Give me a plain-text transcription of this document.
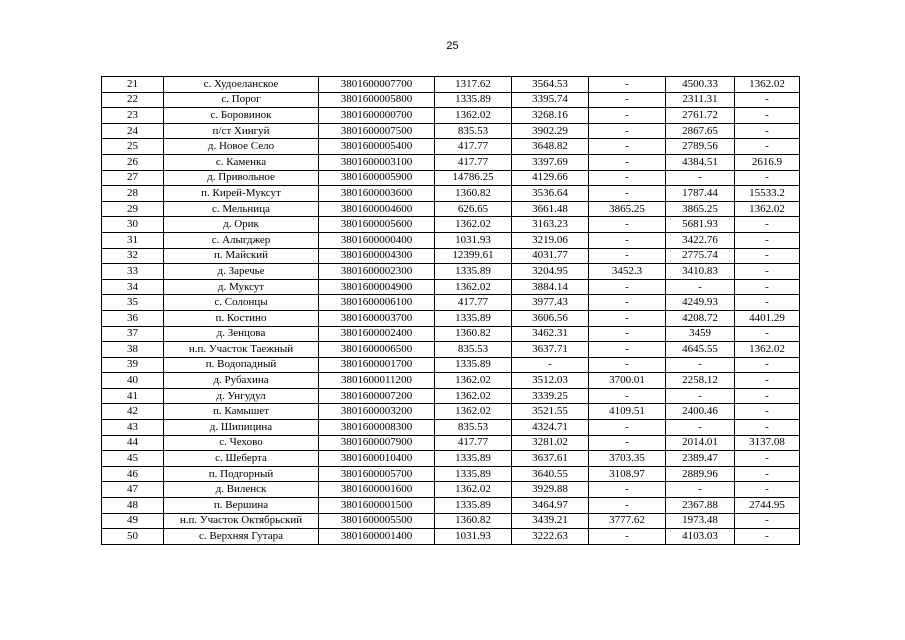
25
21	с. Худоеланское	3801600007700	1317.62	3564.53	-	4500.33	1362.02
22	с. Порог	3801600005800	1335.89	3395.74	-	2311.31	-
23	с. Боровинок	3801600000700	1362.02	3268.16	-	2761.72	-
24	п/ст Хингуй	3801600007500	835.53	3902.29	-	2867.65	-
25	д. Новое Село	3801600005400	417.77	3648.82	-	2789.56	-
26	с. Каменка	3801600003100	417.77	3397.69	-	4384.51	2616.9
27	д. Привольное	3801600005900	14786.25	4129.66	-	-	-
28	п. Кирей-Муксут	3801600003600	1360.82	3536.64	-	1787.44	15533.2
29	с. Мельница	3801600004600	626.65	3661.48	3865.25	3865.25	1362.02
30	д. Орик	3801600005600	1362.02	3163.23	-	5681.93	-
31	с. Алыгджер	3801600000400	1031.93	3219.06	-	3422.76	-
32	п. Майский	3801600004300	12399.61	4031.77	-	2775.74	-
33	д. Заречье	3801600002300	1335.89	3204.95	3452.3	3410.83	-
34	д. Муксут	3801600004900	1362.02	3884.14	-	-	-
35	с. Солонцы	3801600006100	417.77	3977.43	-	4249.93	-
36	п. Костино	3801600003700	1335.89	3606.56	-	4208.72	4401.29
37	д. Зенцова	3801600002400	1360.82	3462.31	-	3459	-
38	н.п. Участок Таежный	3801600006500	835.53	3637.71	-	4645.55	1362.02
39	п. Водопадный	3801600001700	1335.89	-	-	-	-
40	д. Рубахина	3801600011200	1362.02	3512.03	3700.01	2258.12	-
41	д. Унгудул	3801600007200	1362.02	3339.25	-	-	-
42	п. Камышет	3801600003200	1362.02	3521.55	4109.51	2400.46	-
43	д. Шипицина	3801600008300	835.53	4324.71	-	-	-
44	с. Чехово	3801600007900	417.77	3281.02	-	2014.01	3137.08
45	с. Шеберта	3801600010400	1335.89	3637.61	3703.35	2389.47	-
46	п. Подгорный	3801600005700	1335.89	3640.55	3108.97	2889.96	-
47	д. Виленск	3801600001600	1362.02	3929.88	-	-	-
48	п. Вершина	3801600001500	1335.89	3464.97	-	2367.88	2744.95
49	н.п. Участок Октябрьский	3801600005500	1360.82	3439.21	3777.62	1973.48	-
50	с. Верхняя Гутара	3801600001400	1031.93	3222.63	-	4103.03	-
